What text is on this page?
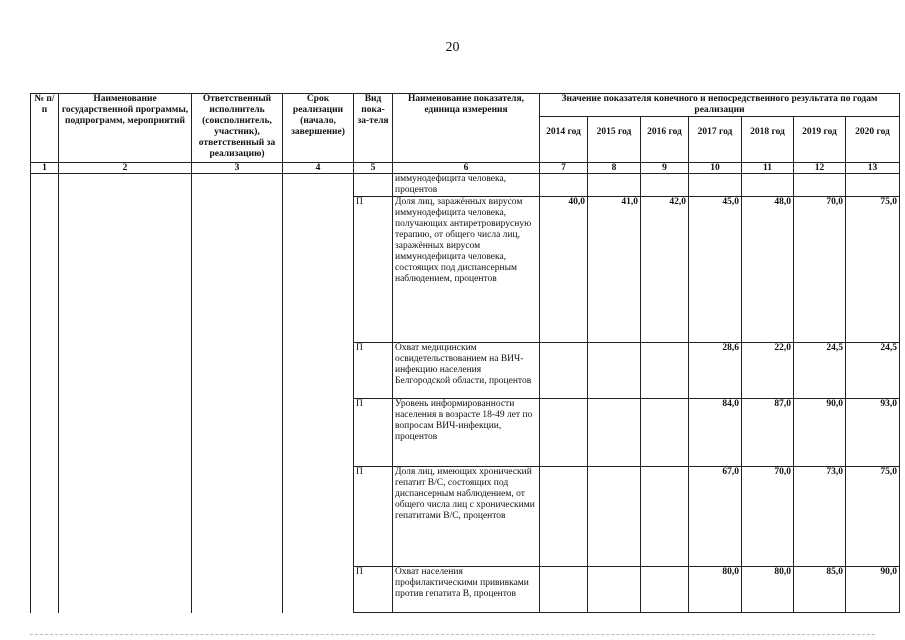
20
№ п/п	Наименование государственной программы, подпрограмм, мероприятий	Ответственный исполнитель (соисполнитель, участник), ответственный за реализацию)	Срок реализации (начало, завершение)	Вид пока-за-теля	Наименование показателя, единица измерения	Значение показателя конечного и непосредственного результата по годам реализации						
						2014 год	2015 год	2016 год	2017 год	2018 год	2019 год	2020 год
1	2	3	4	5	6	7	8	9	10	11	12	13
					иммунодефицита человека, процентов							
				П	Доля лиц, заражённых вирусом иммунодефицита человека, получающих антиретровирусную терапию, от общего числа лиц, заражённых вирусом иммунодефицита человека, состоящих под диспансерным наблюдением, процентов	40,0	41,0	42,0	45,0	48,0	70,0	75,0
				П	Охват медицинским освидетельствованием на ВИЧ-инфекцию населения Белгородской области, процентов				28,6	22,0	24,5	24,5
				П	Уровень информированности населения в возрасте 18-49 лет по вопросам ВИЧ-инфекции, процентов				84,0	87,0	90,0	93,0
				П	Доля лиц, имеющих хронический гепатит В/С, состоящих под диспансерным наблюдением, от общего числа лиц с хроническими гепатитами В/С, процентов				67,0	70,0	73,0	75,0
				П	Охват населения профилактическими прививками против гепатита В, процентов				80,0	80,0	85,0	90,0
